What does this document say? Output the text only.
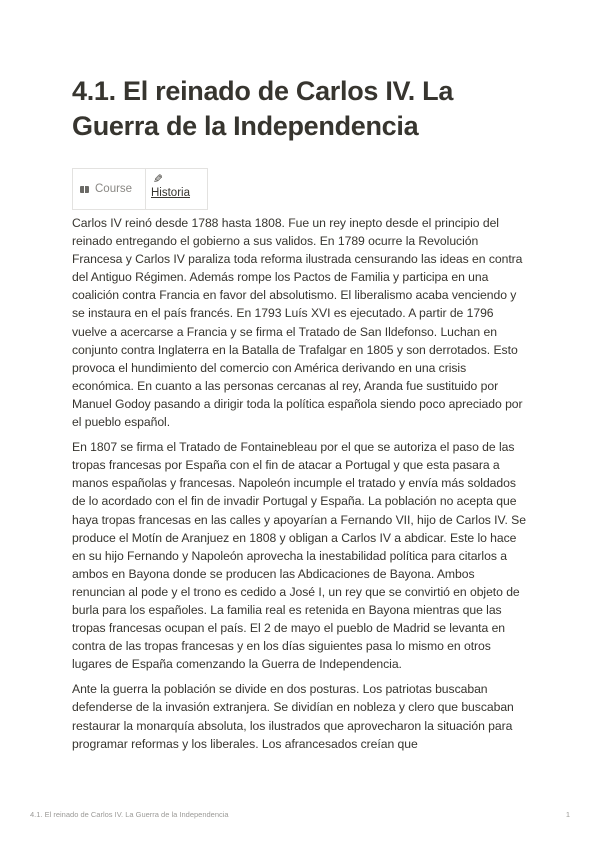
4.1. El reinado de Carlos IV. La Guerra de la Independencia
Course
✎
Historia

Carlos IV reinó desde 1788 hasta 1808. Fue un rey inepto desde el principio del reinado entregando el gobierno a sus validos. En 1789 ocurre la Revolución Francesa y Carlos IV paraliza toda reforma ilustrada censurando las ideas en contra del Antiguo Régimen. Además rompe los Pactos de Familia y participa en una coalición contra Francia en favor del absolutismo. El liberalismo acaba venciendo y se instaura en el país francés. En 1793 Luís XVI es ejecutado. A partir de 1796 vuelve a acercarse a Francia y se firma el Tratado de San Ildefonso. Luchan en conjunto contra Inglaterra en la Batalla de Trafalgar en 1805 y son derrotados. Esto provoca el hundimiento del comercio con América derivando en una crisis económica. En cuanto a las personas cercanas al rey, Aranda fue sustituido por Manuel Godoy pasando a dirigir toda la política española siendo poco apreciado por el pueblo español.

En 1807 se firma el Tratado de Fontainebleau por el que se autoriza el paso de las tropas francesas por España con el fin de atacar a Portugal y que esta pasara a manos españolas y francesas. Napoleón incumple el tratado y envía más soldados de lo acordado con el fin de invadir Portugal y España. La población no acepta que haya tropas francesas en las calles y apoyarían a Fernando VII, hijo de Carlos IV. Se produce el Motín de Aranjuez en 1808 y obligan a Carlos IV a abdicar. Este lo hace en su hijo Fernando y Napoleón aprovecha la inestabilidad política para citarlos a ambos en Bayona donde se producen las Abdicaciones de Bayona. Ambos renuncian al pode y el trono es cedido a José I, un rey que se convirtió en objeto de burla para los españoles. La familia real es retenida en Bayona mientras que las tropas francesas ocupan el país. El 2 de mayo el pueblo de Madrid se levanta en contra de las tropas francesas y en los días siguientes pasa lo mismo en otros lugares de España comenzando la Guerra de Independencia.

Ante la guerra la población se divide en dos posturas. Los patriotas buscaban defenderse de la invasión extranjera. Se dividían en nobleza y clero que buscaban restaurar la monarquía absoluta, los ilustrados que aprovecharon la situación para programar reformas y los liberales. Los afrancesados creían que

4.1. El reinado de Carlos IV. La Guerra de la Independencia	1
